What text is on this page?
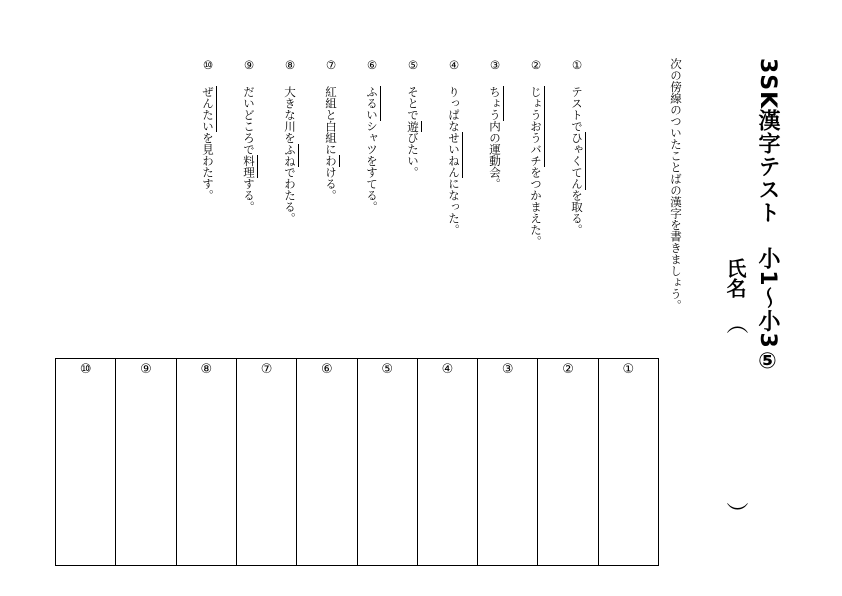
3SK漢字テスト　小1〜小3⑤
氏名
（
）
次の傍線のついたことばの漢字を書きましょう。
①テストでひゃくてんを取る。
②じょうおうバチをつかまえた。
③ちょう内の運動会。
④りっぱなせいねんになった。
⑤そとで遊びたい。
⑥ふるいシャツをすてる。
⑦紅組と白組にわける。
⑧大きな川をふねでわたる。
⑨だいどころで料理する。
⑩ぜんたいを見わたす。
①
②
③
④
⑤
⑥
⑦
⑧
⑨
⑩
